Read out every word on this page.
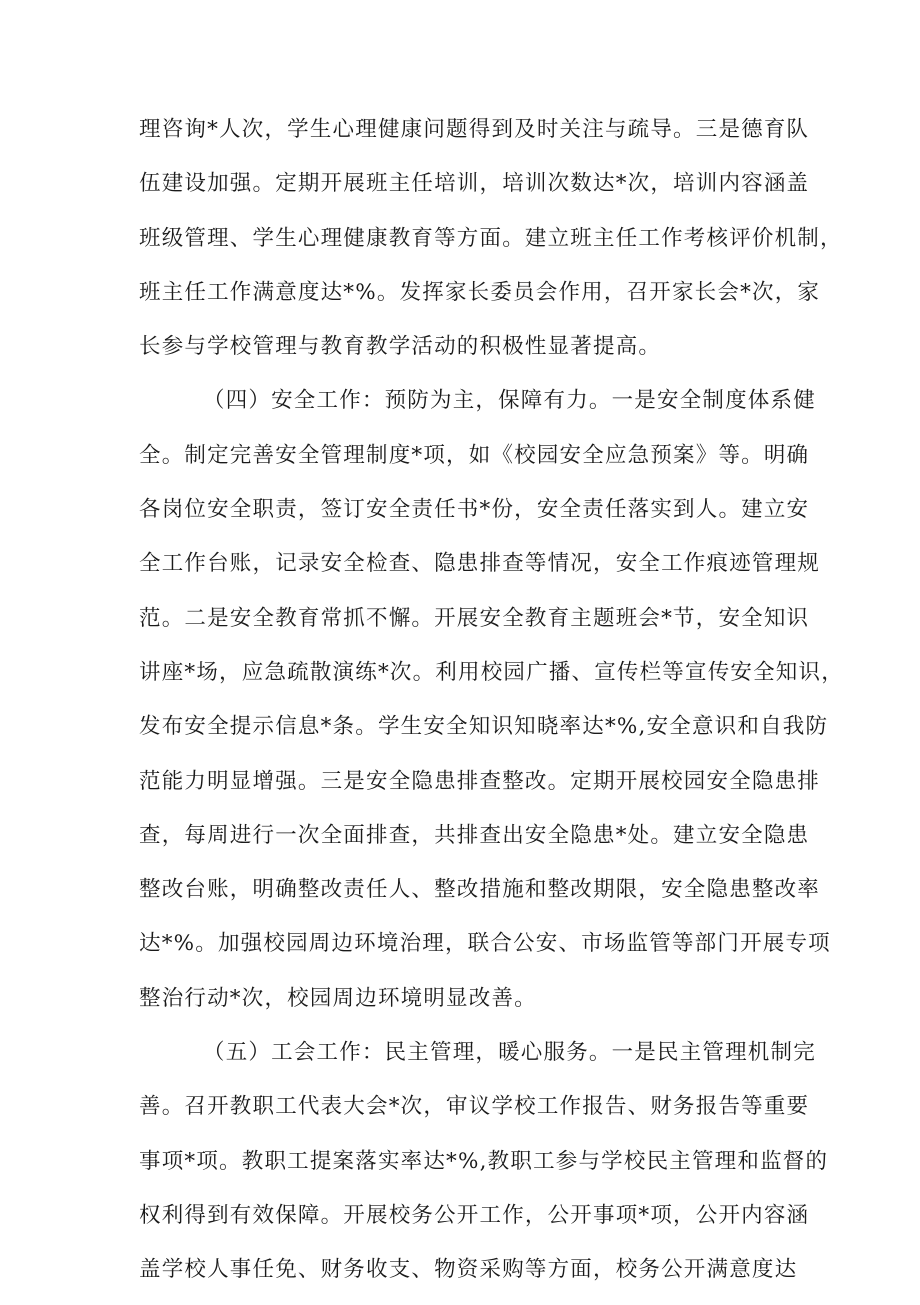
理咨询*人次，学生心理健康问题得到及时关注与疏导。三是德育队
伍建设加强。定期开展班主任培训，培训次数达*次，培训内容涵盖
班级管理、学生心理健康教育等方面。建立班主任工作考核评价机制，
班主任工作满意度达*%。发挥家长委员会作用，召开家长会*次，家
长参与学校管理与教育教学活动的积极性显著提高。
（四）安全工作：预防为主，保障有力。一是安全制度体系健
全。制定完善安全管理制度*项，如《校园安全应急预案》等。明确
各岗位安全职责，签订安全责任书*份，安全责任落实到人。建立安
全工作台账，记录安全检查、隐患排查等情况，安全工作痕迹管理规
范。二是安全教育常抓不懈。开展安全教育主题班会*节，安全知识
讲座*场，应急疏散演练*次。利用校园广播、宣传栏等宣传安全知识，
发布安全提示信息*条。学生安全知识知晓率达*%,安全意识和自我防
范能力明显增强。三是安全隐患排查整改。定期开展校园安全隐患排
查，每周进行一次全面排查，共排查出安全隐患*处。建立安全隐患
整改台账，明确整改责任人、整改措施和整改期限，安全隐患整改率
达*%。加强校园周边环境治理，联合公安、市场监管等部门开展专项
整治行动*次，校园周边环境明显改善。
（五）工会工作：民主管理，暖心服务。一是民主管理机制完
善。召开教职工代表大会*次，审议学校工作报告、财务报告等重要
事项*项。教职工提案落实率达*%,教职工参与学校民主管理和监督的
权利得到有效保障。开展校务公开工作，公开事项*项，公开内容涵
盖学校人事任免、财务收支、物资采购等方面，校务公开满意度达
